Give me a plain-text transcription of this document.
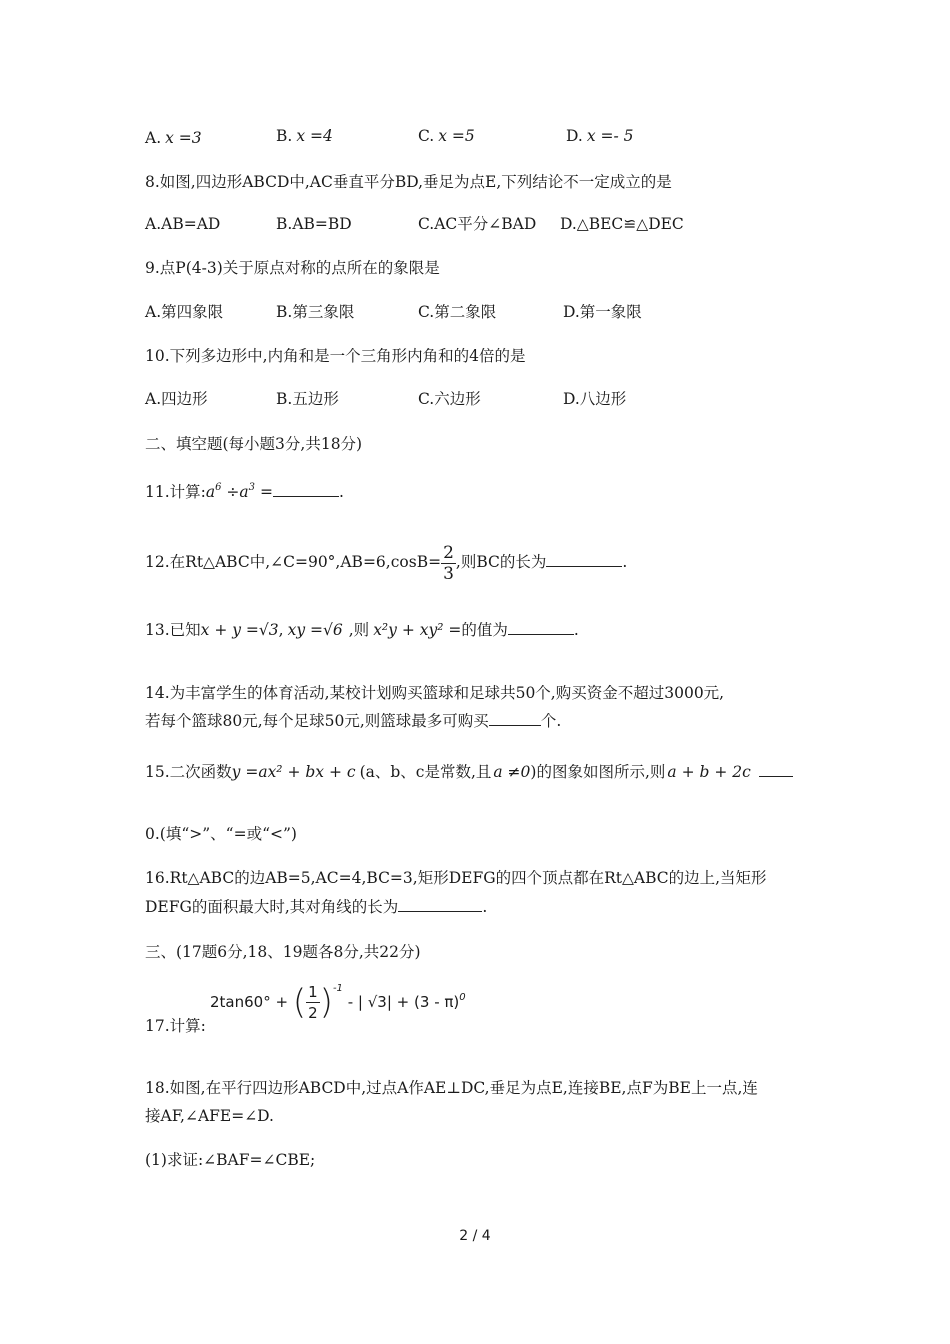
A. x =3	B. x =4	C. x =5	D. x =- 5
8.如图,四边形ABCD中,AC垂直平分BD,垂足为点E,下列结论不一定成立的是
A.AB=AD	B.AB=BD	C.AC平分∠BAD D.△BEC≌△DEC
9.点P(4-3)关于原点对称的点所在的象限是
A.第四象限	B.第三象限	C.第二象限	D.第一象限
10.下列多边形中,内角和是一个三角形内角和的4倍的是
A.四边形	B.五边形	C.六边形	D.八边形
二、填空题(每小题3分,共18分)
11.计算$:a^6 \div a^3$ =	.
12.在Rt△ABC中,∠C=90°,AB=6,cosB= $\frac{2}{3}$ ,则BC的长为	.
13.已知x + y =√3, xy =√6 ,则 x²y + xy² =的值为	.
14.为丰富学生的体育活动,某校计划购买篮球和足球共50个,购买资金不超过3000元,
若每个篮球80元,每个足球50元,则篮球最多可购买	个.
15.二次函数y =ax² + bx + c (a、b、c是常数,且 a ≠0)的图象如图所示,则 a + b + 2c
0.(填“>”、“=或“<”)
16.Rt△ABC的边AB=5,AC=4,BC=3,矩形DEFG的四个顶点都在Rt△ABC的边上,当矩形
DEFG的面积最大时,其对角线的长为	.
三、(17题6分,18、19题各8分,共22分)
2tan60° + ( $\frac{1}{2} )^{-1}$ - | √3| + (3 - π)$^0$
17.计算:
18.如图,在平行四边形ABCD中,过点A作AE⊥DC,垂足为点E,连接BE,点F为BE上一点,连
接AF,∠AFE=∠D.
(1)求证:∠BAF=∠CBE;
2 / 4
